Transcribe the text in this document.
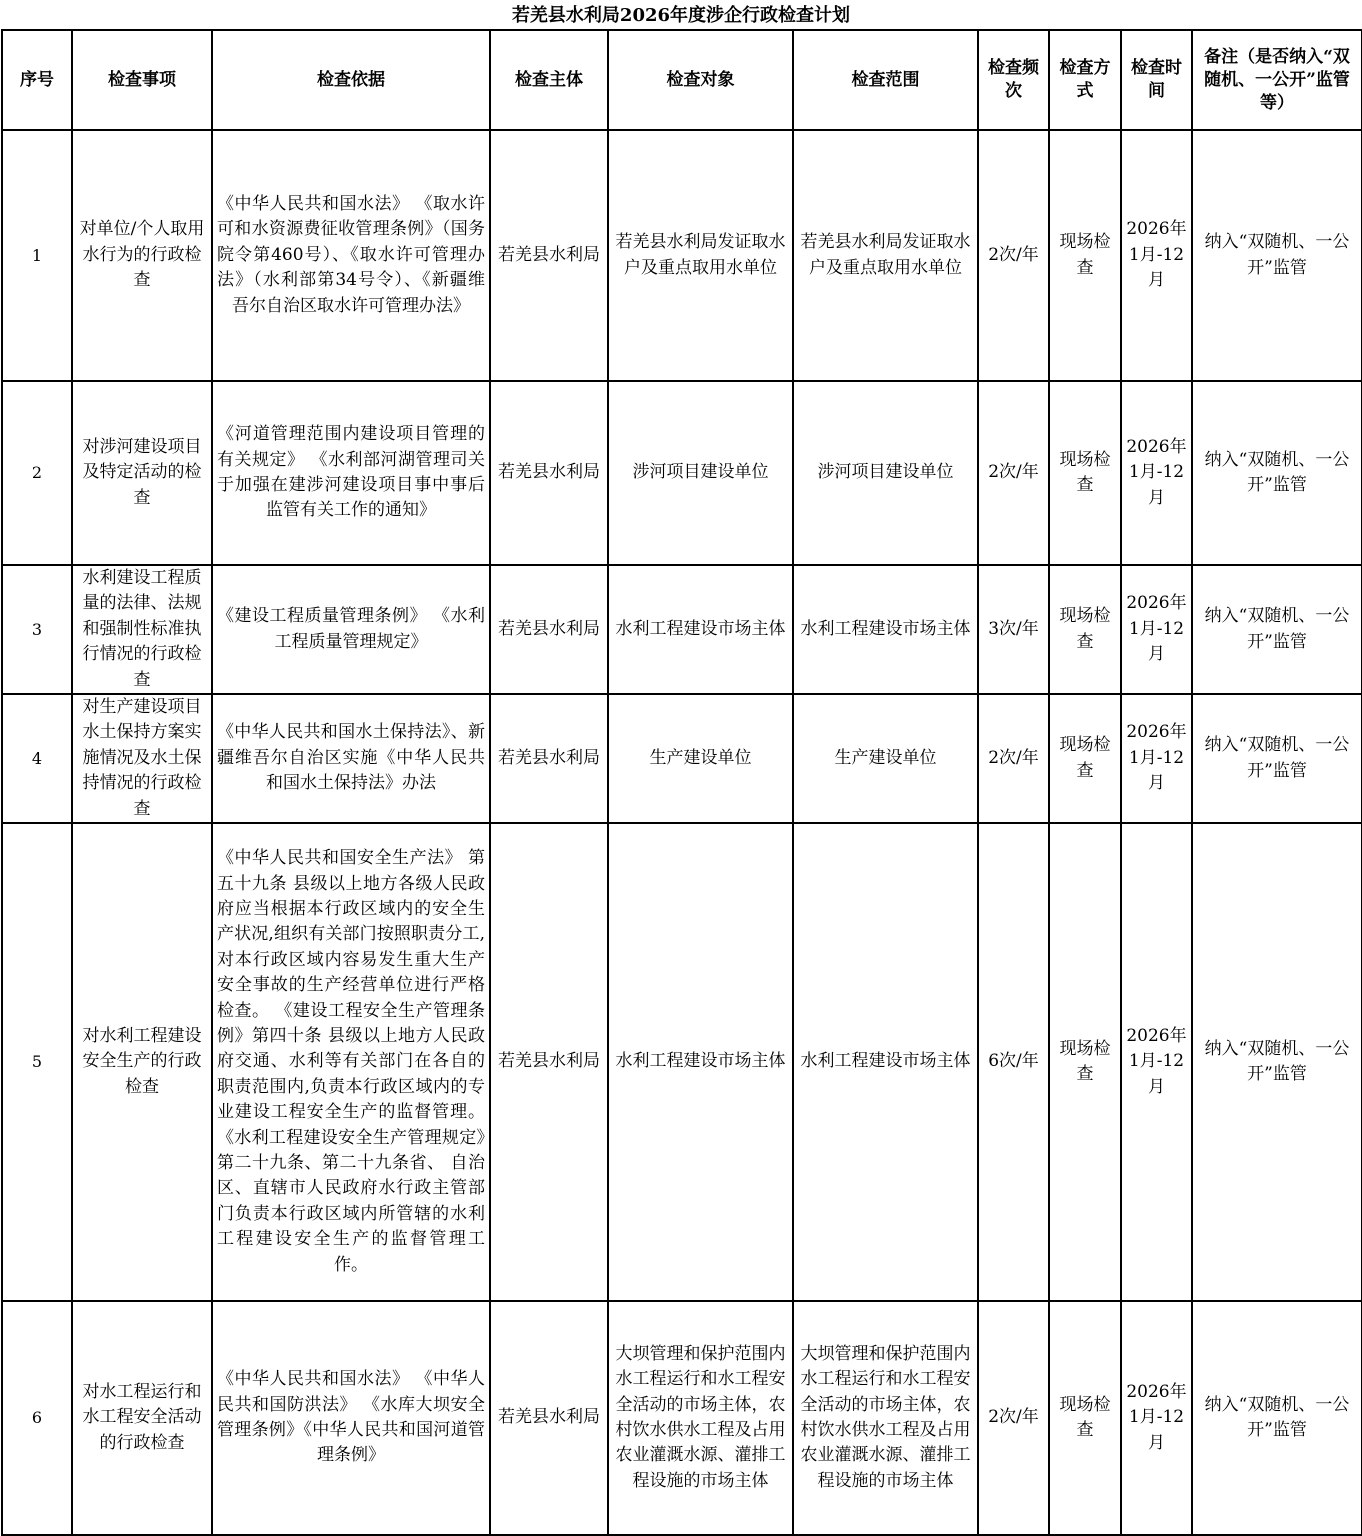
若羌县水利局2026年度涉企行政检查计划
序号	检查事项	检查依据	检查主体	检查对象	检查范围	检查频次	检查方式	检查时间	备注（是否纳入“双随机、一公开”监管等）
1	对单位/个人取用水行为的行政检查	《中华人民共和国水法》 《取水许可和水资源费征收管理条例》（国务院令第460号）、《取水许可管理办法》（水利部第34号令）、《新疆维吾尔自治区取水许可管理办法》	若羌县水利局	若羌县水利局发证取水户及重点取用水单位	若羌县水利局发证取水户及重点取用水单位	2次/年	现场检查	2026年1月-12月	纳入“双随机、一公开”监管
2	对涉河建设项目及特定活动的检查	《河道管理范围内建设项目管理的有关规定》 《水利部河湖管理司关于加强在建涉河建设项目事中事后监管有关工作的通知》	若羌县水利局	涉河项目建设单位	涉河项目建设单位	2次/年	现场检查	2026年1月-12月	纳入“双随机、一公开”监管
3	水利建设工程质量的法律、法规和强制性标准执行情况的行政检查	《建设工程质量管理条例》 《水利工程质量管理规定》	若羌县水利局	水利工程建设市场主体	水利工程建设市场主体	3次/年	现场检查	2026年1月-12月	纳入“双随机、一公开”监管
4	对生产建设项目水土保持方案实施情况及水土保持情况的行政检查	《中华人民共和国水土保持法》、新疆维吾尔自治区实施《中华人民共和国水土保持法》办法	若羌县水利局	生产建设单位	生产建设单位	2次/年	现场检查	2026年1月-12月	纳入“双随机、一公开”监管
5	对水利工程建设安全生产的行政检查	《中华人民共和国安全生产法》 第五十九条 县级以上地方各级人民政府应当根据本行政区域内的安全生产状况,组织有关部门按照职责分工,对本行政区域内容易发生重大生产安全事故的生产经营单位进行严格检查。 《建设工程安全生产管理条例》第四十条 县级以上地方人民政府交通、水利等有关部门在各自的职责范围内,负责本行政区域内的专业建设工程安全生产的监督管理。《水利工程建设安全生产管理规定》第二十九条、第二十九条省、 自治区、直辖市人民政府水行政主管部门负责本行政区域内所管辖的水利工程建设安全生产的监督管理工作。	若羌县水利局	水利工程建设市场主体	水利工程建设市场主体	6次/年	现场检查	2026年1月-12月	纳入“双随机、一公开”监管
6	对水工程运行和水工程安全活动的行政检查	《中华人民共和国水法》 《中华人民共和国防洪法》 《水库大坝安全管理条例》《中华人民共和国河道管理条例》	若羌县水利局	大坝管理和保护范围内水工程运行和水工程安全活动的市场主体，农村饮水供水工程及占用农业灌溉水源、灌排工程设施的市场主体	大坝管理和保护范围内水工程运行和水工程安全活动的市场主体，农村饮水供水工程及占用农业灌溉水源、灌排工程设施的市场主体	2次/年	现场检查	2026年1月-12月	纳入“双随机、一公开”监管
